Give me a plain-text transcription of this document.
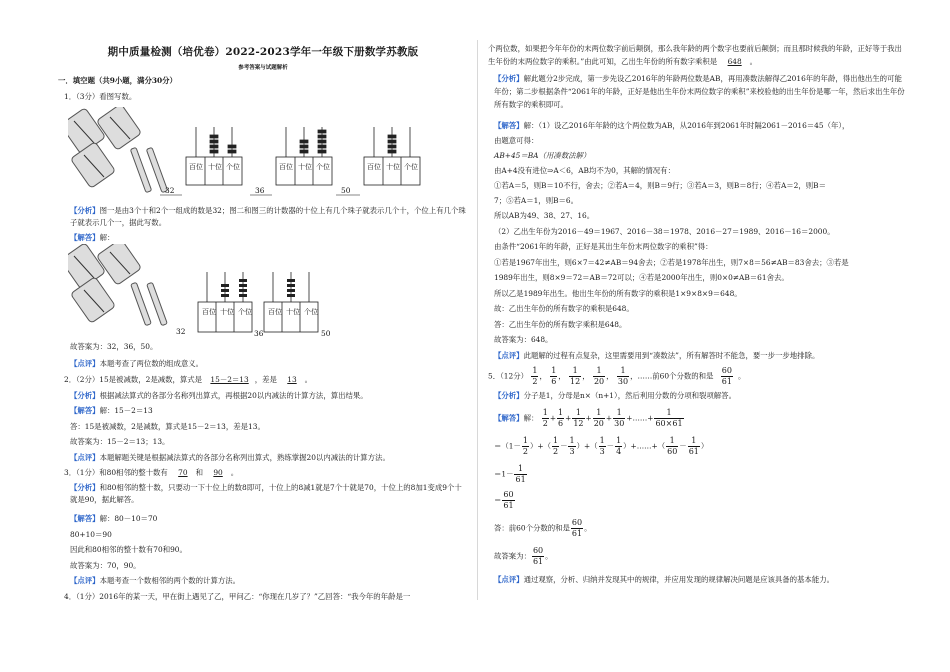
期中质量检测（培优卷）2022-2023学年一年级下册数学苏教版
参考答案与试题解析
一．填空题（共9小题，满分30分）
1．（3分）看图写数。
百位 十位 个位	百位 十位 个位	百位 十位 个位
32	36	50
【分析】图一是由3个十和2个一组成的数是32；图二和图三的计数器的十位上有几个珠子就表示几个十，个位上有几个珠子就表示几个一，据此写数。
【解答】解：
百位 十位 个位 百位 十位 个位
32	36	50
故答案为：32，36，50。
【点评】本题考查了两位数的组成意义。
2．（2分）15是被减数，2是减数，算式是 15－2＝13 ，差是 13 。
【分析】根据减法算式的各部分名称列出算式，再根据20以内减法的计算方法，算出结果。
【解答】解：15－2＝13
答：15是被减数，2是减数，算式是15－2＝13，差是13。
故答案为：15－2＝13；13。
【点评】本题解题关键是根据减法算式的各部分名称列出算式，熟练掌握20以内减法的计算方法。
3．（1分）和80相邻的整十数有 70 和 90 。
【分析】和80相邻的整十数，只要动一下十位上的数8即可，十位上的8减1就是7个十就是70，十位上的8加1变成9个十就是90，据此解答。
【解答】解：80－10＝70
80+10＝90
因此和80相邻的整十数有70和90。
故答案为：70，90。
【点评】本题考查一个数相邻的两个数的计算方法。
4．（1分）2016年的某一天，甲在街上遇见了乙，甲问乙：“你现在几岁了？”乙回答：“我今年的年龄是一
个两位数，如果把今年年份的末两位数字前后颠倒，那么我年龄的两个数字也要前后颠倒；而且那时候我的年龄，正好等于我出生年份的末两位数字的乘积。”由此可知，乙出生年份的所有数字乘积是 648 。
【分析】解此题分2步完成，第一步先设乙2016年的年龄两位数是AB，再用凑数法解得乙2016年的年龄，得出他出生的可能年份；第二步根据条件“2061年的年龄，正好是他出生年份末两位数字的乘积”来校验他的出生年份是哪一年，然后求出生年份所有数字的乘积即可。
【解答】解：（1）设乙2016年年龄的这个两位数为AB，从2016年到2061年时隔2061－2016＝45（年），
由题意可得：
AB+45＝BA（用凑数法解）
由A+4没有进位⇒A＜6，AB均不为0，其解的情况有：
①若A＝5，则B＝10不行，舍去；②若A＝4，则B＝9行；③若A＝3，则B＝8行；④若A＝2，则B＝
7；⑤若A＝1，则B＝6。
所以AB为49、38、27、16。
（2）乙出生年份为2016－49＝1967、2016－38＝1978、2016－27＝1989、2016－16＝2000。
由条件“2061年的年龄，正好是其出生年份末两位数字的乘积”得：
①若是1967年出生，则6×7＝42≠AB＝94舍去；②若是1978年出生，则7×8＝56≠AB＝83舍去；③若是
1989年出生，则8×9＝72＝AB＝72可以；④若是2000年出生，则0×0≠AB＝61舍去。
所以乙是1989年出生。他出生年份的所有数字的乘积是1×9×8×9＝648。
故：乙出生年份的所有数字的乘积是648。
答：乙出生年份的所有数字乘积是648。
故答案为：648。
【点评】此题解的过程有点复杂，这里需要用到“凑数法”，所有解答时不能急，要一步一步地排除。
5．（12分） $\frac{1}{2}$ ， $\frac{1}{6}$ ， $\frac{1}{12}$ ， $\frac{1}{20}$ ， $\frac{1}{30}$ ，……前60个分数的和是 $\frac{60}{61}$ 。
【分析】分子是1，分母是n×（n+1），然后利用分数的分项和裂项解答。
【解答】解： $\frac{1}{2} + \frac{1}{6} + \frac{1}{12} + \frac{1}{20} + \frac{1}{30}$ +……+ $\frac{1}{60\times 61}$
$=(1- \frac{1}{2}$ ）+（ $\frac{1}{2} - \frac{1}{3}$ ）+（ $\frac{1}{3} - \frac{1}{4}$ ）+……+（ $\frac{1}{60} - \frac{1}{61}$ ）
$=1- \frac{1}{61}$
＝ $\frac{60}{61}$
答：前60个分数的和是 $\frac{60}{61}$ 。
故答案为： $\frac{60}{61}$ 。
【点评】通过观察，分析、归纳并发现其中的规律，并应用发现的规律解决问题是应该具备的基本能力。
